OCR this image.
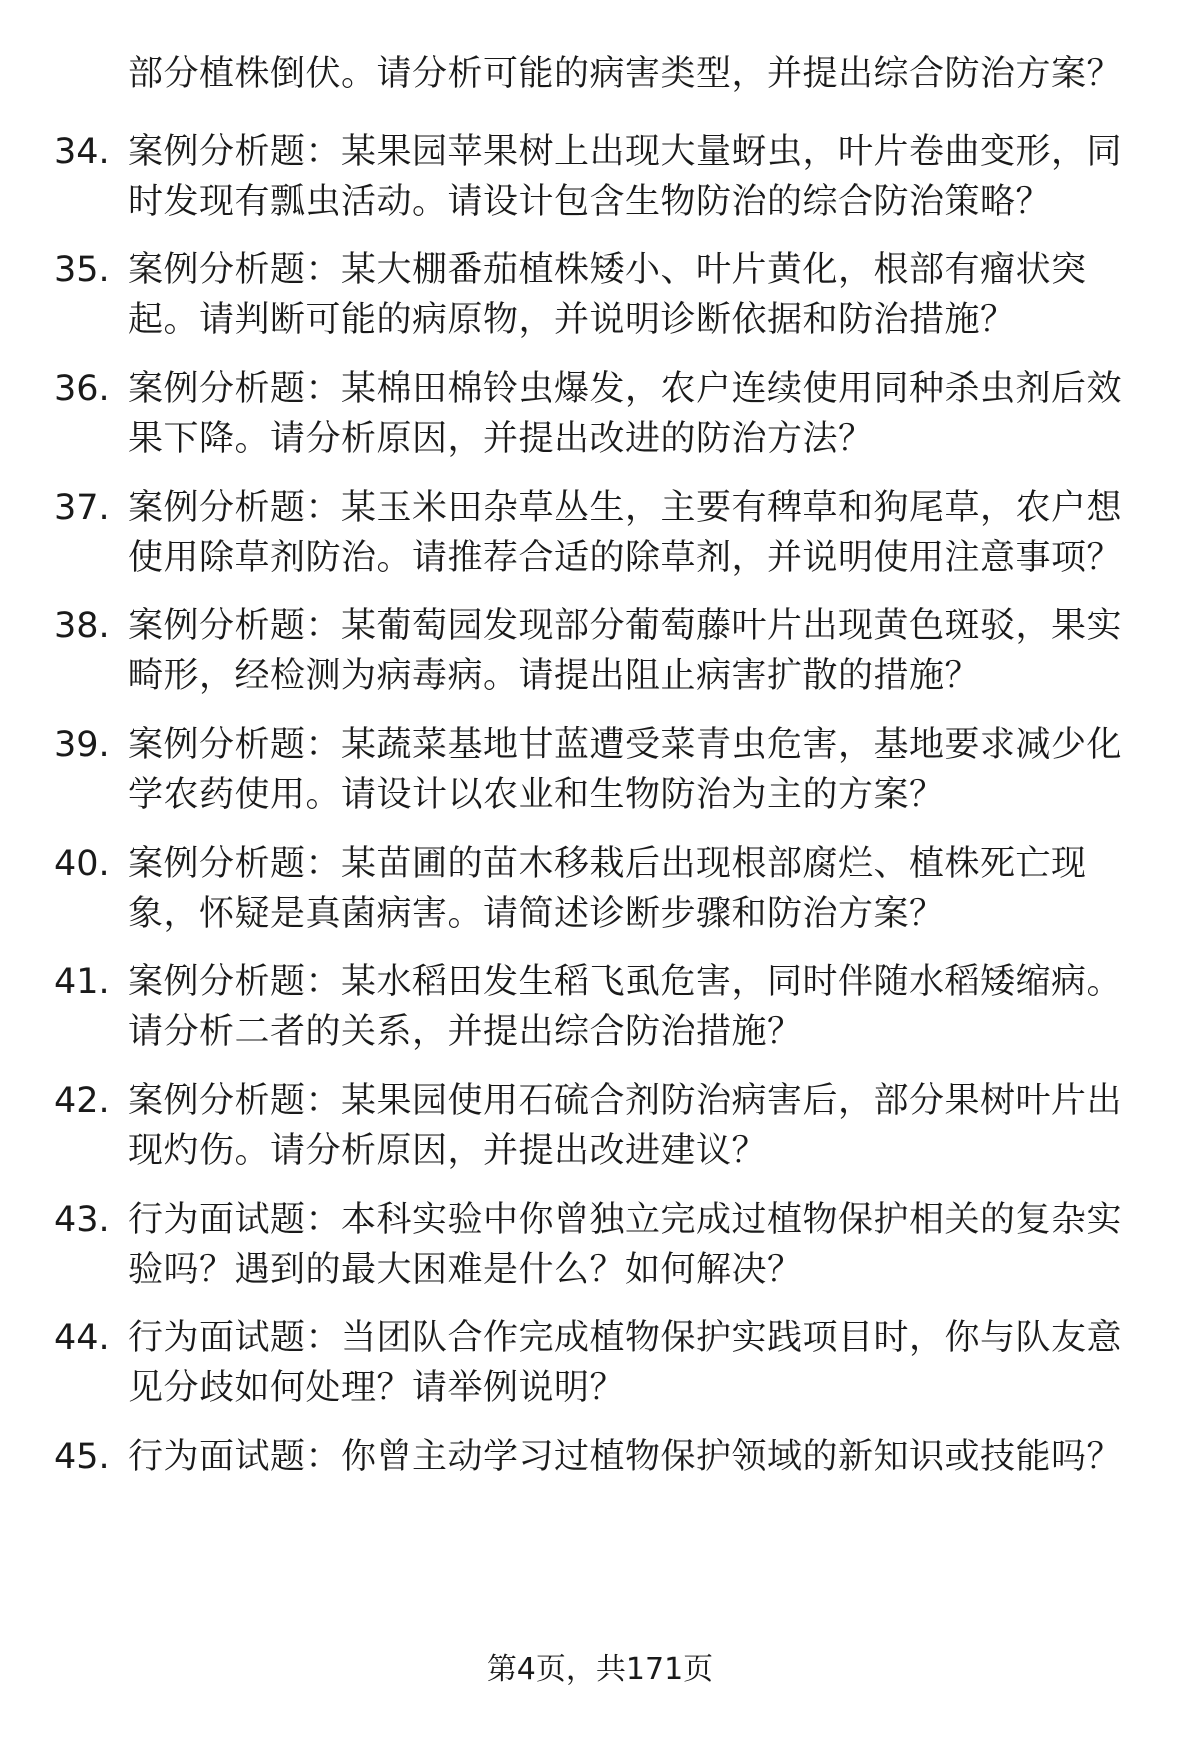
部分植株倒伏。请分析可能的病害类型，并提出综合防治方案？
34. 案例分析题：某果园苹果树上出现大量蚜虫，叶片卷曲变形，同
时发现有瓢虫活动。请设计包含生物防治的综合防治策略？
35. 案例分析题：某大棚番茄植株矮小、叶片黄化，根部有瘤状突
起。请判断可能的病原物，并说明诊断依据和防治措施？
36. 案例分析题：某棉田棉铃虫爆发，农户连续使用同种杀虫剂后效
果下降。请分析原因，并提出改进的防治方法？
37. 案例分析题：某玉米田杂草丛生，主要有稗草和狗尾草，农户想
使用除草剂防治。请推荐合适的除草剂，并说明使用注意事项？
38. 案例分析题：某葡萄园发现部分葡萄藤叶片出现黄色斑驳，果实
畸形，经检测为病毒病。请提出阻止病害扩散的措施？
39. 案例分析题：某蔬菜基地甘蓝遭受菜青虫危害，基地要求减少化
学农药使用。请设计以农业和生物防治为主的方案？
40. 案例分析题：某苗圃的苗木移栽后出现根部腐烂、植株死亡现
象，怀疑是真菌病害。请简述诊断步骤和防治方案？
41. 案例分析题：某水稻田发生稻飞虱危害，同时伴随水稻矮缩病。
请分析二者的关系，并提出综合防治措施？
42. 案例分析题：某果园使用石硫合剂防治病害后，部分果树叶片出
现灼伤。请分析原因，并提出改进建议？
43. 行为面试题：本科实验中你曾独立完成过植物保护相关的复杂实
验吗？遇到的最大困难是什么？如何解决？
44. 行为面试题：当团队合作完成植物保护实践项目时，你与队友意
见分歧如何处理？请举例说明？
45. 行为面试题：你曾主动学习过植物保护领域的新知识或技能吗？
第4页，共171页
